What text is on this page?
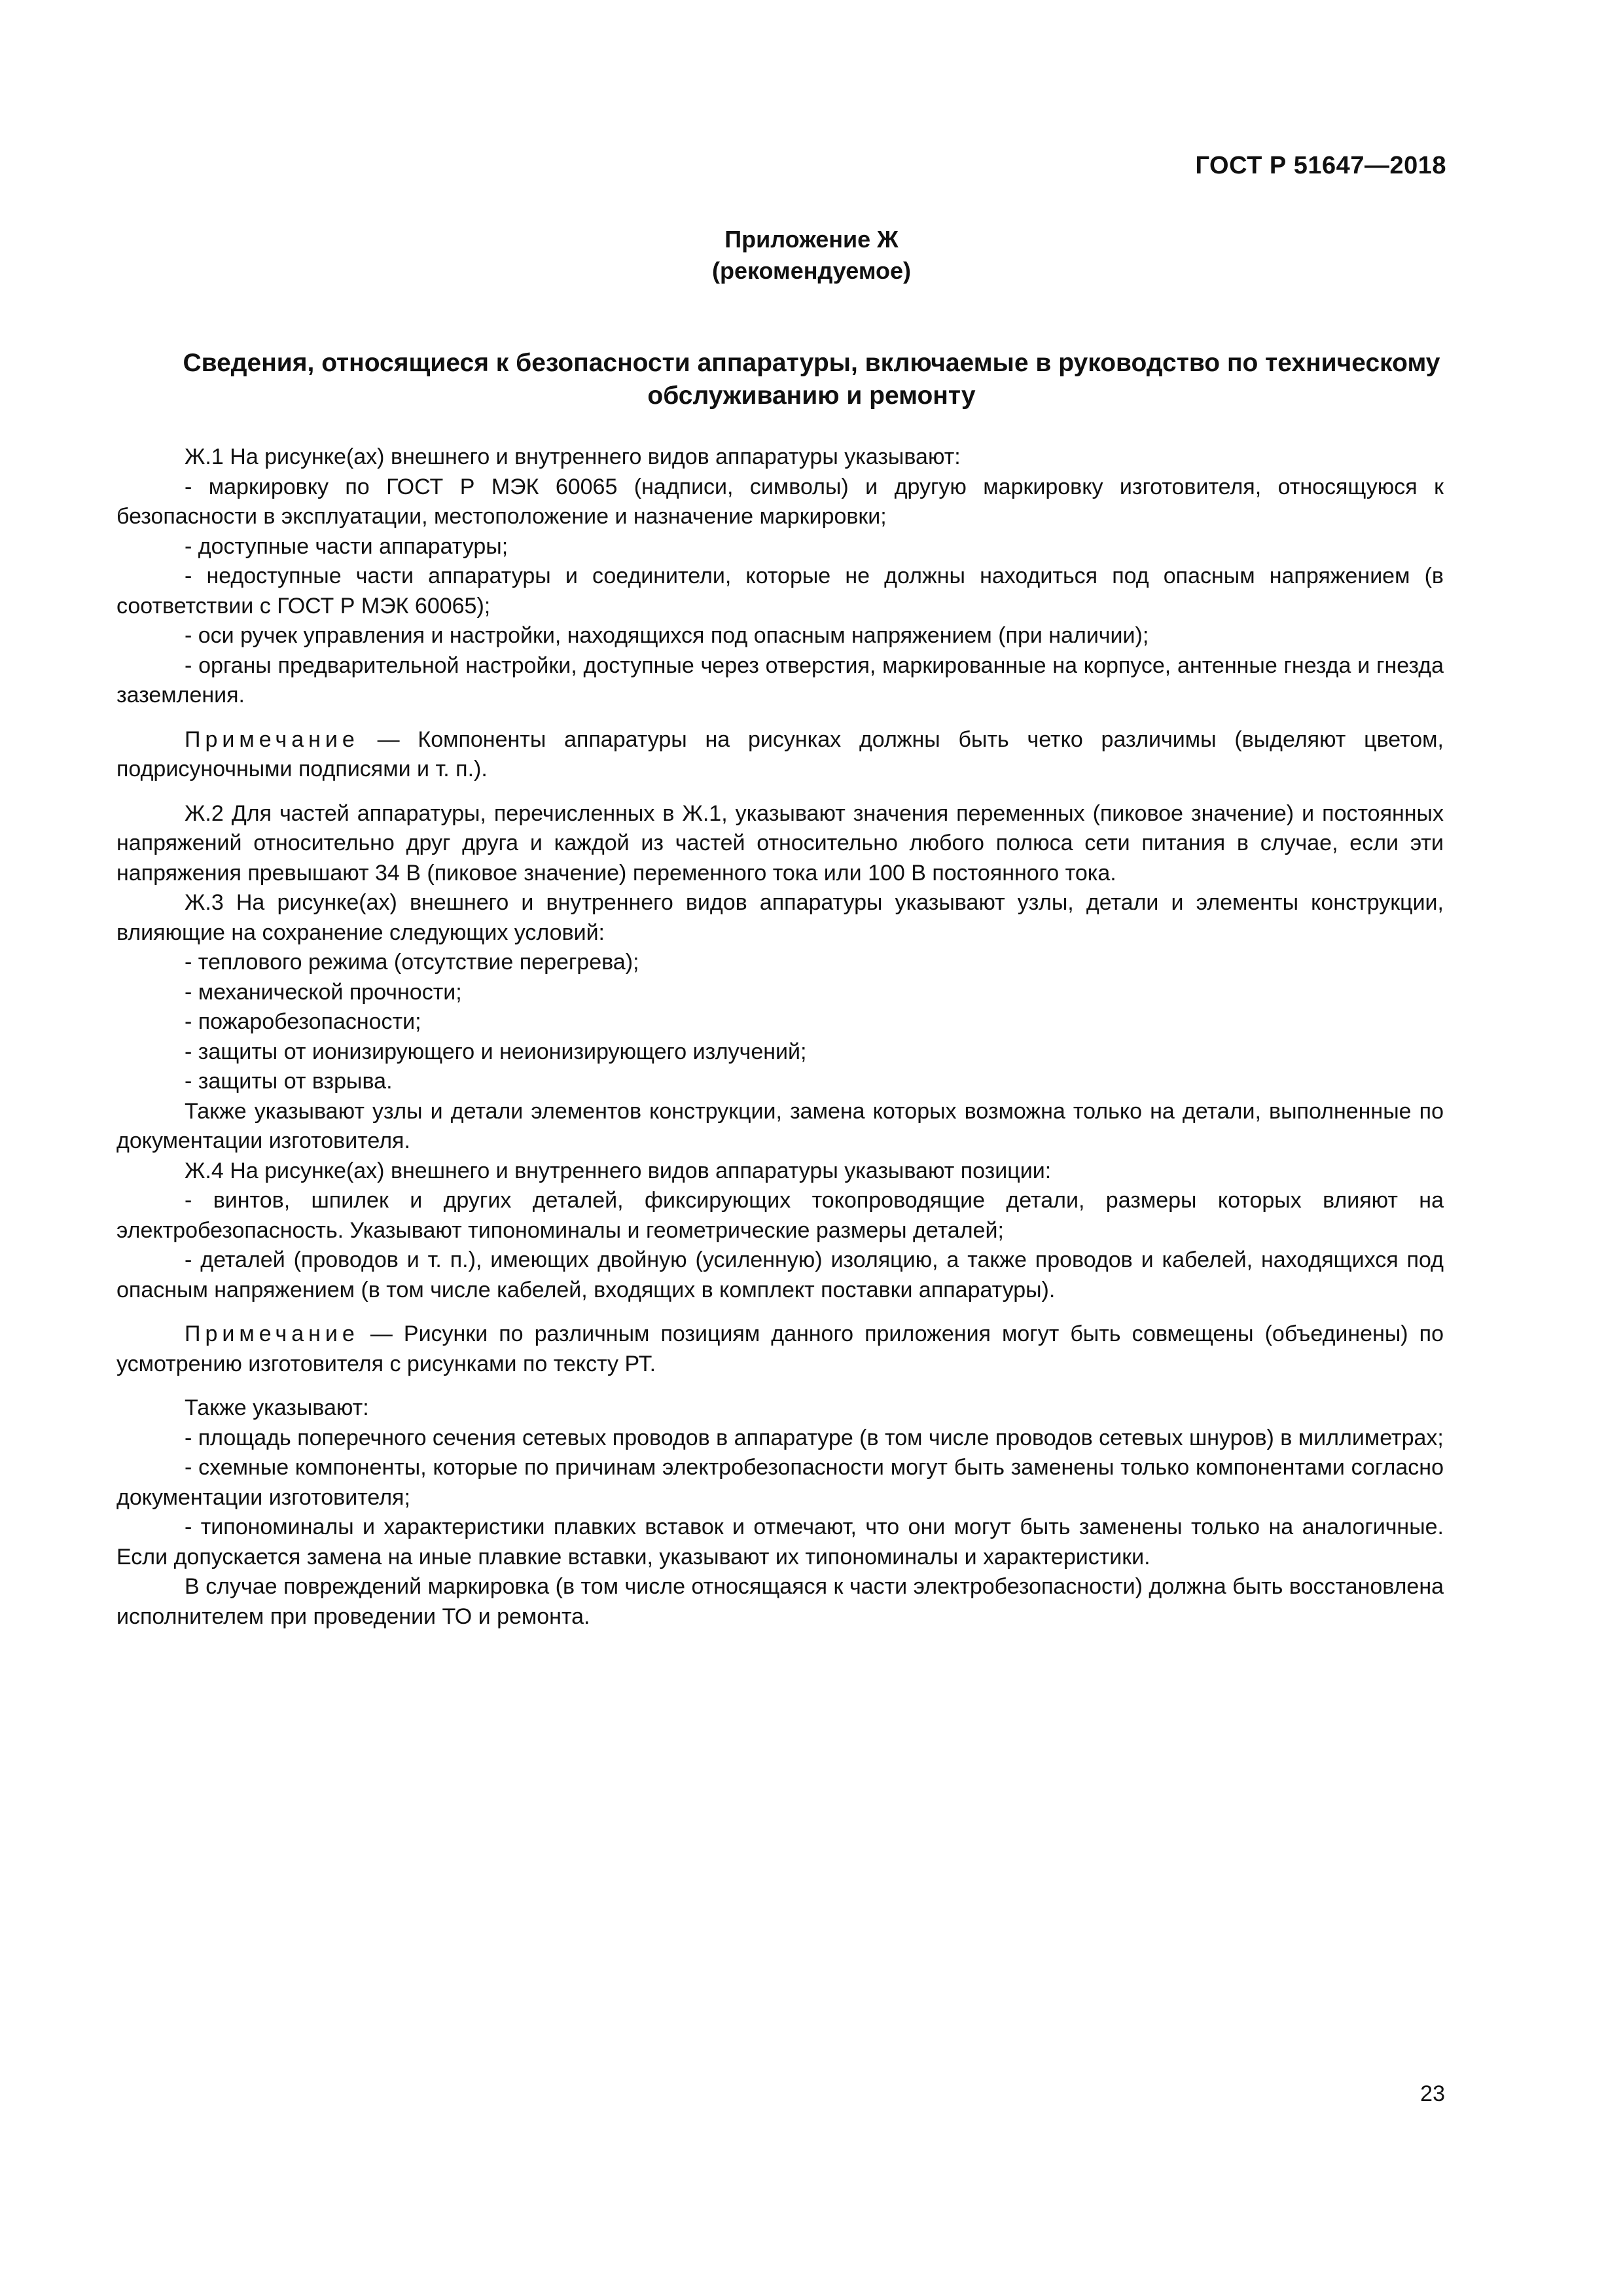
ГОСТ Р 51647—2018
Приложение Ж
(рекомендуемое)
Сведения, относящиеся к безопасности аппаратуры, включаемые в руководство по техническому обслуживанию и ремонту

Ж.1 На рисунке(ах) внешнего и внутреннего видов аппаратуры указывают:

- маркировку по ГОСТ Р МЭК 60065 (надписи, символы) и другую маркировку изготовителя, относящуюся к безопасности в эксплуатации, местоположение и назначение маркировки;

- доступные части аппаратуры;

- недоступные части аппаратуры и соединители, которые не должны находиться под опасным напряжением (в соответствии с ГОСТ Р МЭК 60065);

- оси ручек управления и настройки, находящихся под опасным напряжением (при наличии);

- органы предварительной настройки, доступные через отверстия, маркированные на корпусе, антенные гнезда и гнезда заземления.

Примечание — Компоненты аппаратуры на рисунках должны быть четко различимы (выделяют цветом, подрисуночными подписями и т. п.).

Ж.2 Для частей аппаратуры, перечисленных в Ж.1, указывают значения переменных (пиковое значение) и постоянных напряжений относительно друг друга и каждой из частей относительно любого полюса сети питания в случае, если эти напряжения превышают 34 В (пиковое значение) переменного тока или 100 В постоянного тока.

Ж.3 На рисунке(ах) внешнего и внутреннего видов аппаратуры указывают узлы, детали и элементы конструкции, влияющие на сохранение следующих условий:

- теплового режима (отсутствие перегрева);

- механической прочности;

- пожаробезопасности;

- защиты от ионизирующего и неионизирующего излучений;

- защиты от взрыва.

Также указывают узлы и детали элементов конструкции, замена которых возможна только на детали, выполненные по документации изготовителя.

Ж.4 На рисунке(ах) внешнего и внутреннего видов аппаратуры указывают позиции:

- винтов, шпилек и других деталей, фиксирующих токопроводящие детали, размеры которых влияют на электробезопасность. Указывают типономиналы и геометрические размеры деталей;

- деталей (проводов и т. п.), имеющих двойную (усиленную) изоляцию, а также проводов и кабелей, находящихся под опасным напряжением (в том числе кабелей, входящих в комплект поставки аппаратуры).

Примечание — Рисунки по различным позициям данного приложения могут быть совмещены (объединены) по усмотрению изготовителя с рисунками по тексту РТ.

Также указывают:

- площадь поперечного сечения сетевых проводов в аппаратуре (в том числе проводов сетевых шнуров) в миллиметрах;

- схемные компоненты, которые по причинам электробезопасности могут быть заменены только компонентами согласно документации изготовителя;

- типономиналы и характеристики плавких вставок и отмечают, что они могут быть заменены только на аналогичные. Если допускается замена на иные плавкие вставки, указывают их типономиналы и характеристики.

В случае повреждений маркировка (в том числе относящаяся к части электробезопасности) должна быть восстановлена исполнителем при проведении ТО и ремонта.

23
